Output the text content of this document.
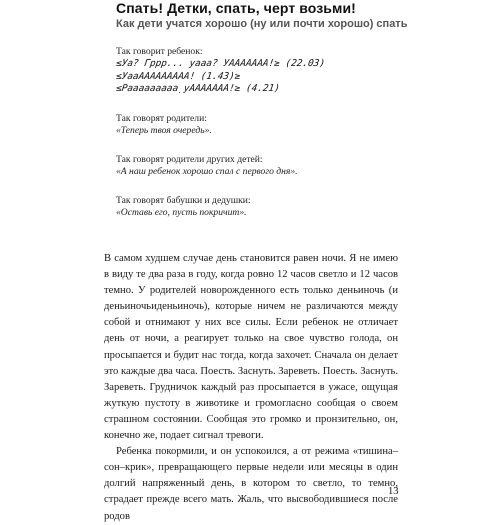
Спать! Детки, спать, черт возьми!
Как дети учатся хорошо (ну или почти хорошо) спать
Так говорит ребенок:
≤Уа? Гррр... уааа? УААААААА!≥ (22.03)
≤УааААААААААА! (1.43)≥
≤Рааааааааа̣уААААААА!≥ (4.21)
Так говорят родители:
«Теперь твоя очередь».
Так говорят родители других детей:
«А наш ребенок хорошо спал с первого дня».
Так говорят бабушки и дедушки:
«Оставь его, пусть покричит».

В самом худшем случае день становится равен ночи. Я не имею в виду те два раза в году, когда ровно 12 часов светло и 12 часов темно. У родителей новорожденного есть только деньиночь (и деньиночьиденьиночь), которые ничем не различаются между собой и отнимают у них все силы. Если ребенок не отличает день от ночи, а реагирует только на свое чувство голода, он просыпается и будит нас тогда, когда захочет. Сначала он делает это каждые два часа. Поесть. Заснуть. Зареветь. Поесть. Заснуть. Зареветь. Грудничок каждый раз просыпается в ужасе, ощущая жуткую пустоту в животике и громогласно сообщая о своем страшном состоянии. Сообщая это громко и пронзительно, он, конечно же, подает сигнал тревоги.

Ребенка покормили, и он успокоился, а от режима «тишина–сон–крик», превращающего первые недели или месяцы в один долгий напряженный день, в котором то светло, то темно, страдает прежде всего мать. Жаль, что высвободившиеся после родов

13
